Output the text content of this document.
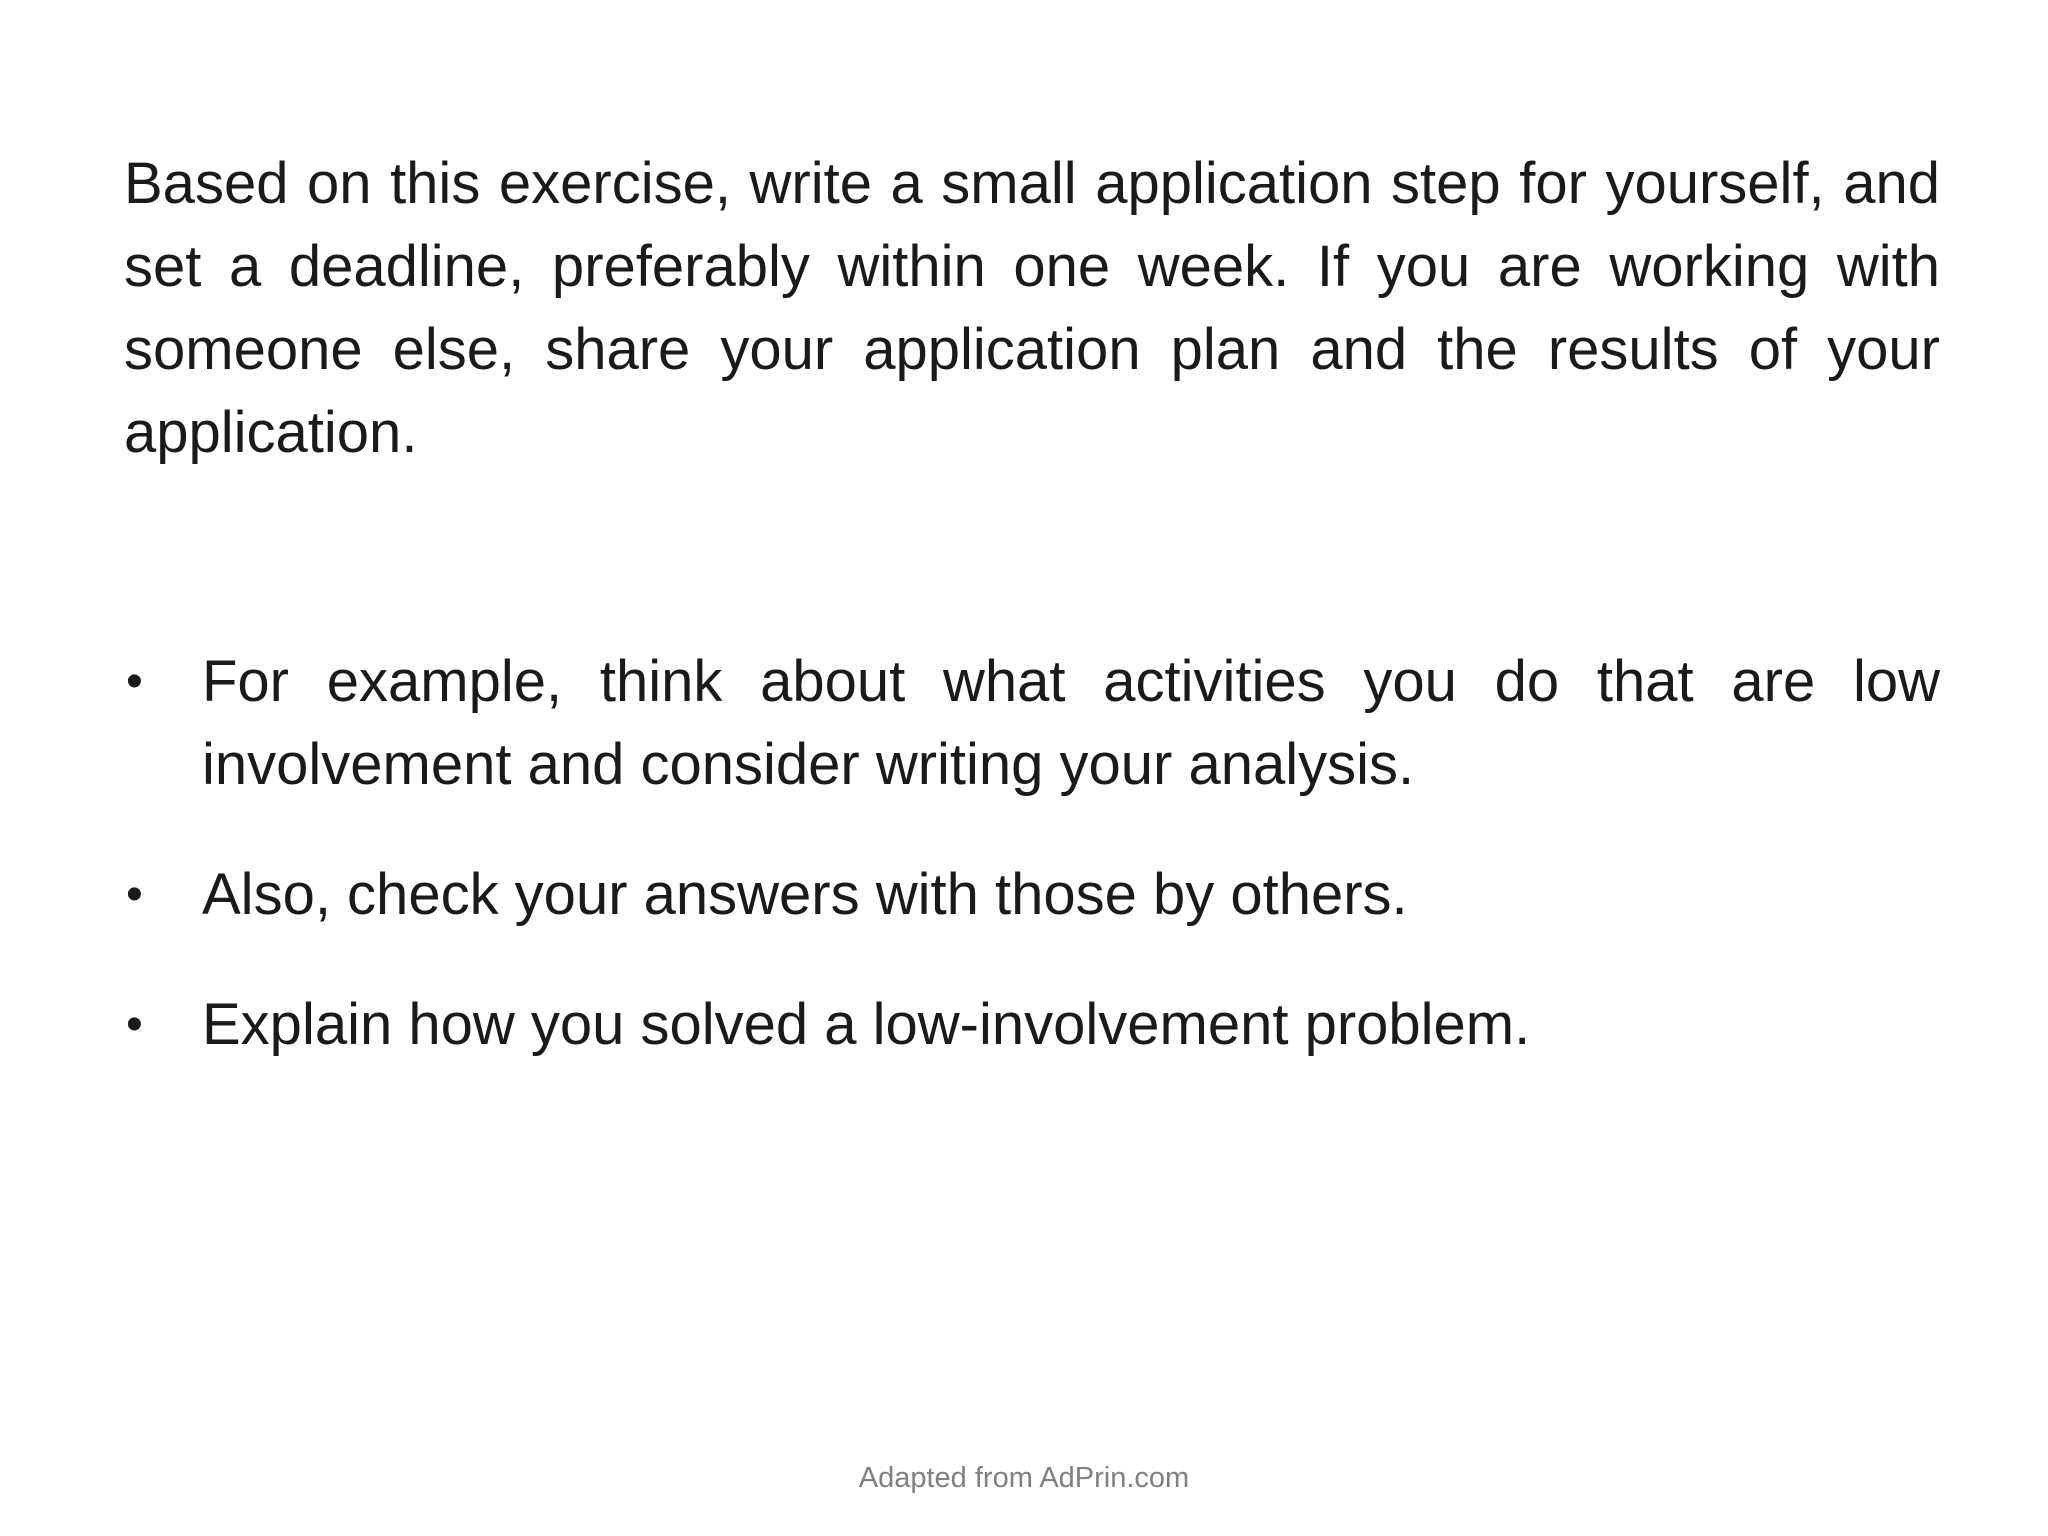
Based on this exercise, write a small application step for yourself, and set a deadline, preferably within one week. If you are working with someone else, share your application plan and the results of your application.

•	For example, think about what activities you do that are low involvement and consider writing your analysis.
•	Also, check your answers with those by others.
•	Explain how you solved a low-involvement problem.
Adapted from AdPrin.com
